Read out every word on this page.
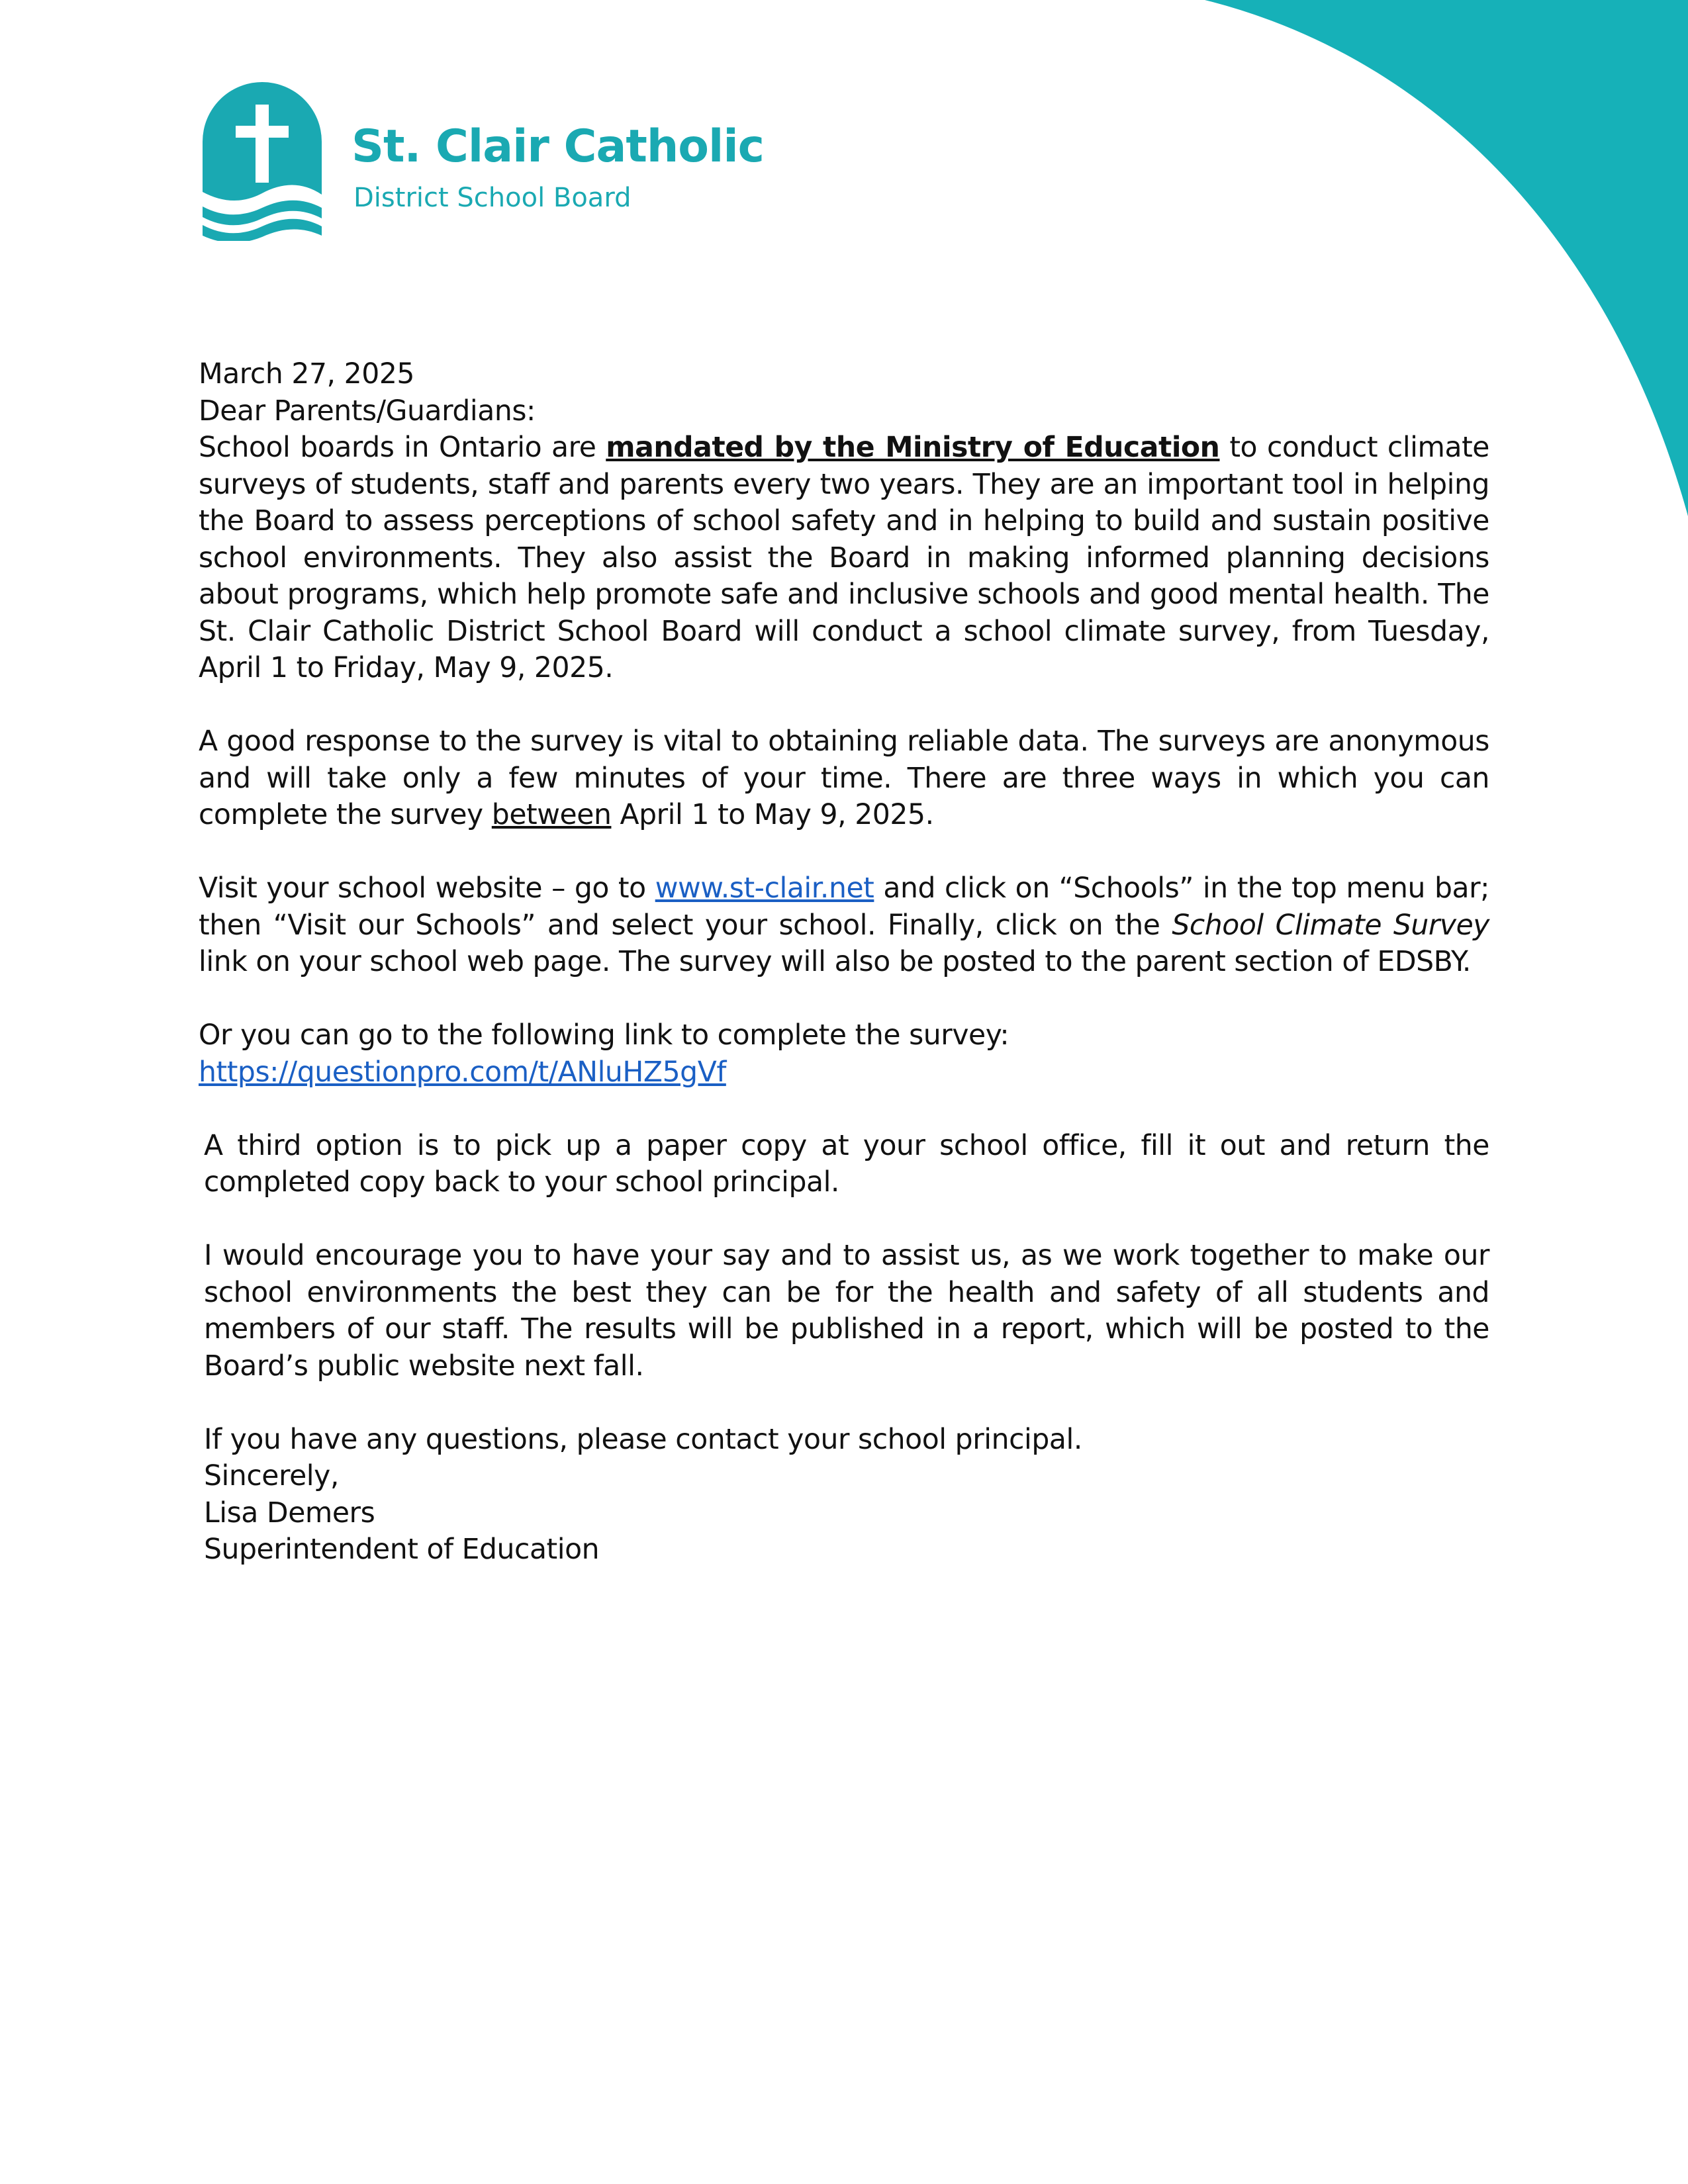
St. Clair Catholic
District School Board

March 27, 2025

Dear Parents/Guardians:

School boards in Ontario are mandated by the Ministry of Education to conduct climate surveys of students, staff and parents every two years. They are an important tool in helping the Board to assess perceptions of school safety and in helping to build and sustain positive school environments. They also assist the Board in making informed planning decisions about programs, which help promote safe and inclusive schools and good mental health. The St. Clair Catholic District School Board will conduct a school climate survey, from Tuesday, April 1 to Friday, May 9, 2025.

A good response to the survey is vital to obtaining reliable data. The surveys are anonymous and will take only a few minutes of your time. There are three ways in which you can complete the survey between April 1 to May 9, 2025.

Visit your school website – go to www.st-clair.net and click on “Schools” in the top menu bar; then “Visit our Schools” and select your school. Finally, click on the School Climate Survey link on your school web page. The survey will also be posted to the parent section of EDSBY.

Or you can go to the following link to complete the survey:
https://questionpro.com/t/ANluHZ5gVf

A third option is to pick up a paper copy at your school office, fill it out and return the completed copy back to your school principal.

I would encourage you to have your say and to assist us, as we work together to make our school environments the best they can be for the health and safety of all students and members of our staff. The results will be published in a report, which will be posted to the Board’s public website next fall.

If you have any questions, please contact your school principal.

Sincerely,

Lisa Demers

Superintendent of Education
